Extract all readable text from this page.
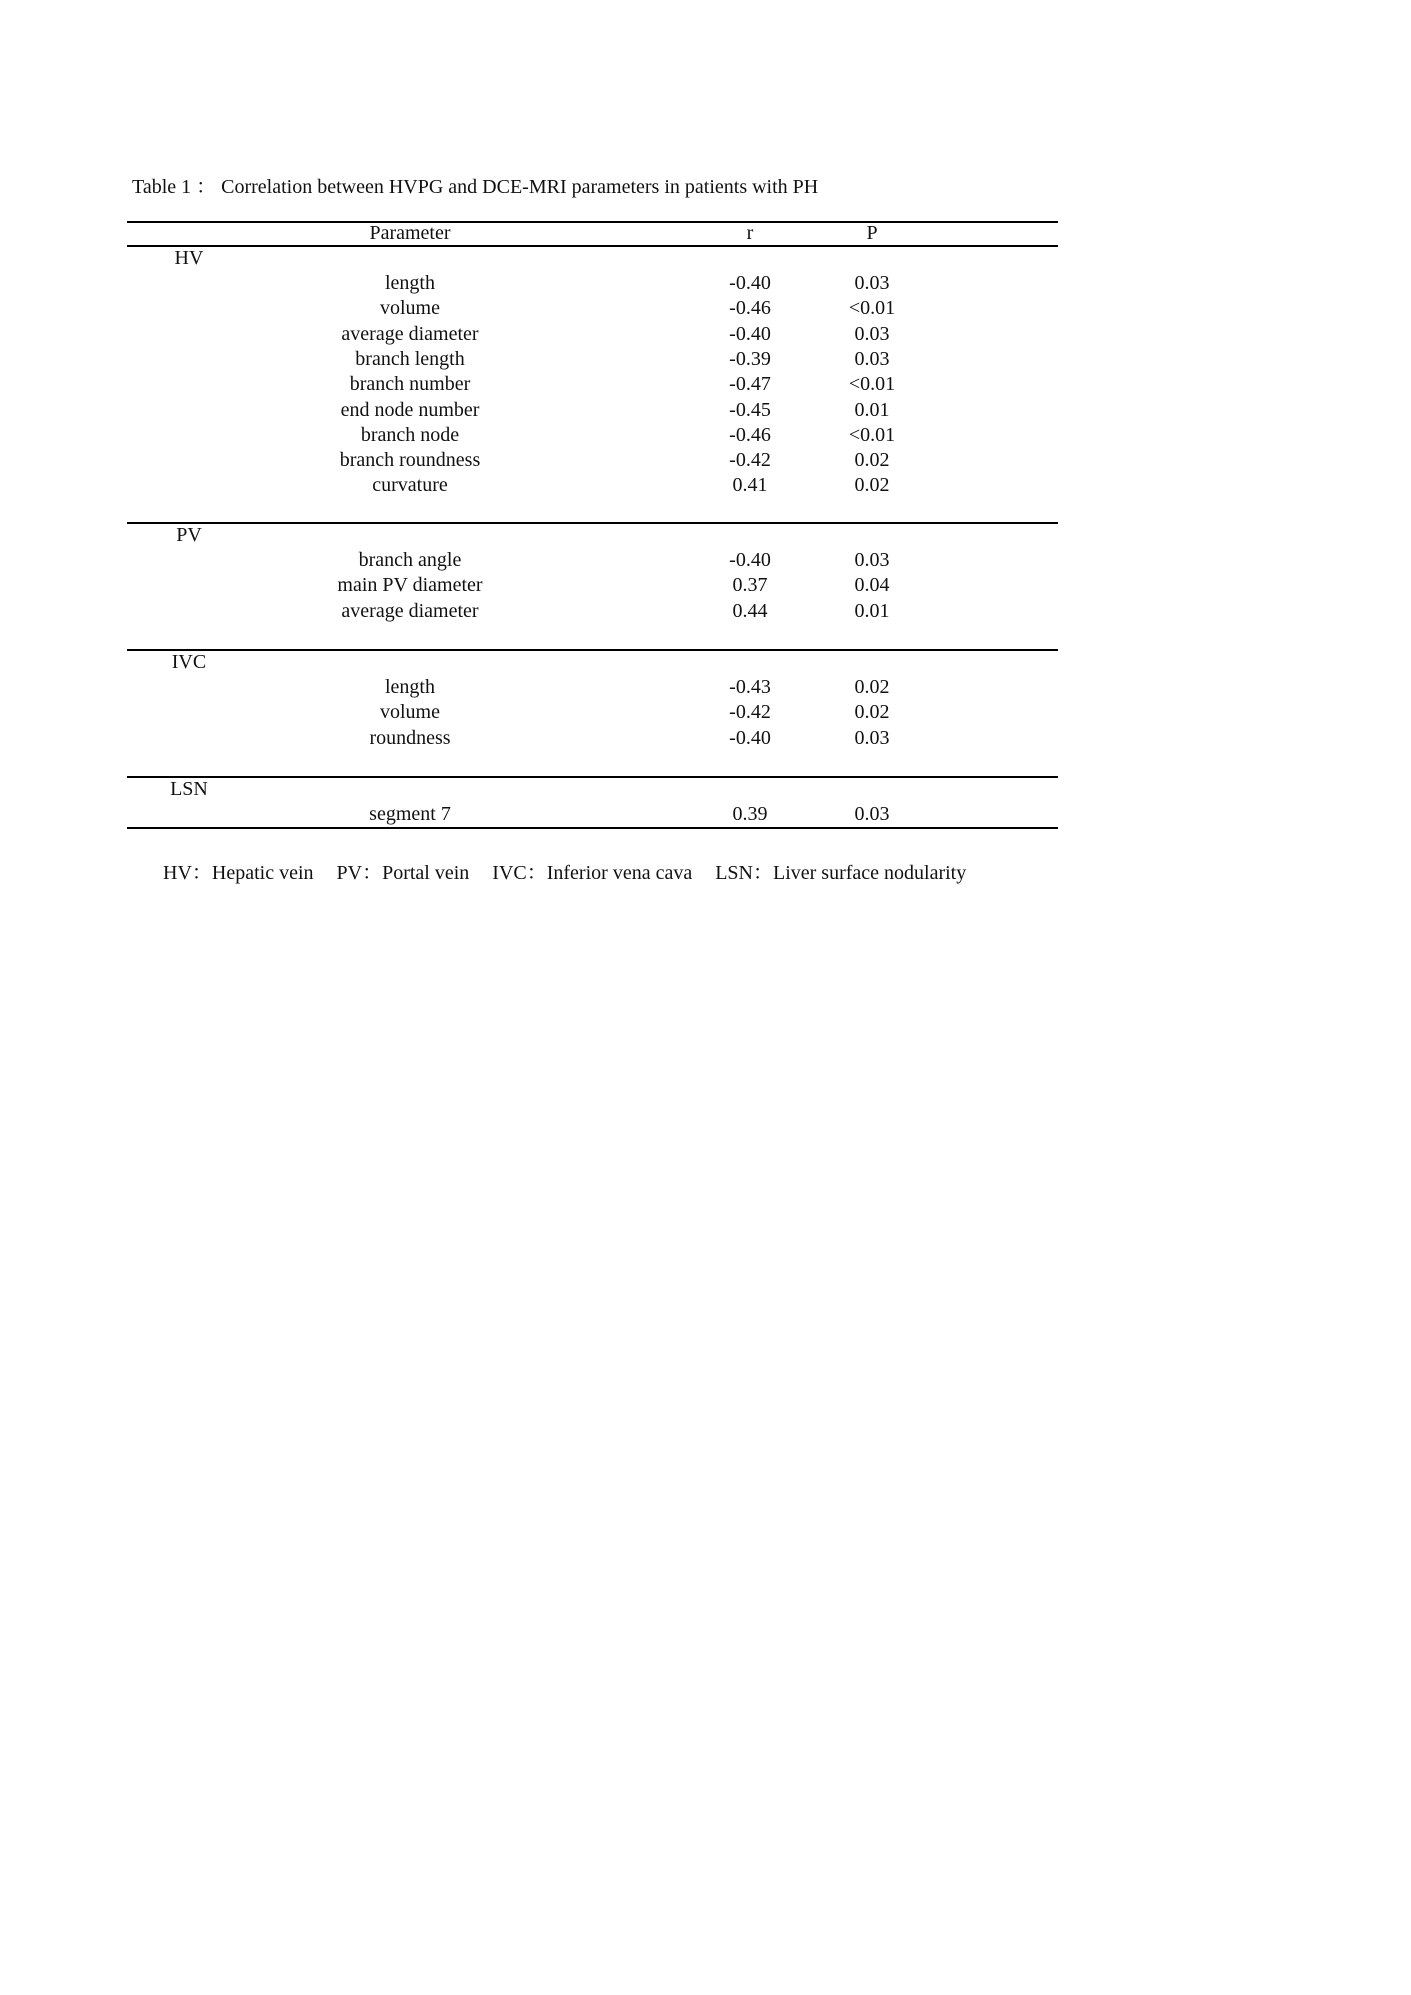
Table 1 ： Correlation between HVPG and DCE-MRI parameters in patients with PH
Parameter	r	P
HV
length	-0.40	0.03
volume	-0.46	<0.01
average diameter	-0.40	0.03
branch length	-0.39	0.03
branch number	-0.47	<0.01
end node number	-0.45	0.01
branch node	-0.46	<0.01
branch roundness	-0.42	0.02
curvature	0.41	0.02
PV
branch angle	-0.40	0.03
main PV diameter	0.37	0.04
average diameter	0.44	0.01
IVC
length	-0.43	0.02
volume	-0.42	0.02
roundness	-0.40	0.03
LSN
segment 7	0.39	0.03
HV：Hepatic vein PV：Portal vein IVC：Inferior vena cava LSN：Liver surface nodularity
